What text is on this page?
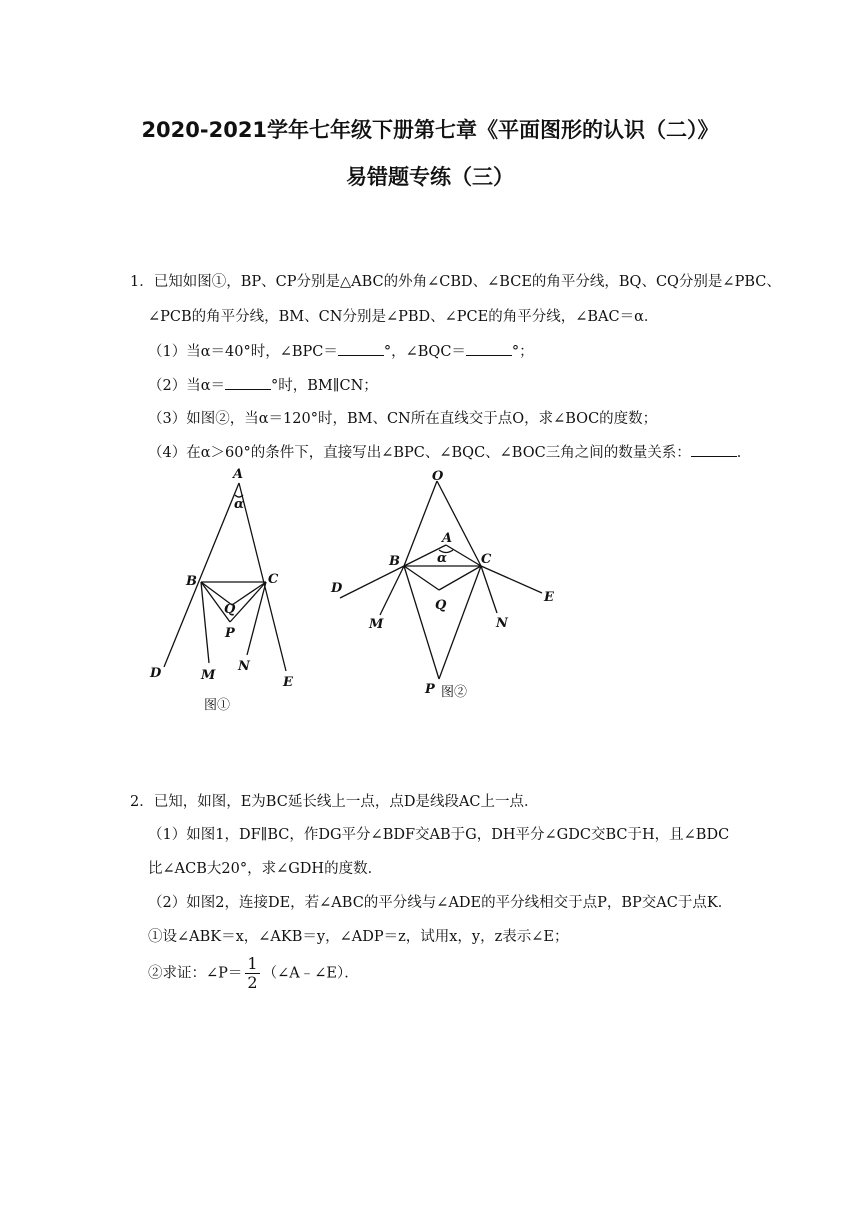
2020-2021学年七年级下册第七章《平面图形的认识（二）》
易错题专练（三）
1．已知如图①，BP、CP分别是△ABC的外角∠CBD、∠BCE的角平分线，BQ、CQ分别是∠PBC、
∠PCB的角平分线，BM、CN分别是∠PBD、∠PCE的角平分线，∠BAC＝α．
（1）当α＝40°时，∠BPC＝	°，∠BQC＝	°；
（2）当α＝	°时，BM∥CN；
（3）如图②，当α＝120°时，BM、CN所在直线交于点O，求∠BOC的度数；
（4）在α＞60°的条件下，直接写出∠BPC、∠BQC、∠BOC三角之间的数量关系：	．
A
α
B	C
Q
P
D	M
N
E
图①
O
A
α
B	C
Q
P
D
M	N
E
图②
2．已知，如图，E为BC延长线上一点，点D是线段AC上一点．
（1）如图1，DF∥BC，作DG平分∠BDF交AB于G，DH平分∠GDC交BC于H，且∠BDC
比∠ACB大20°，求∠GDH的度数．
（2）如图2，连接DE，若∠ABC的平分线与∠ADE的平分线相交于点P，BP交AC于点K．
①设∠ABK＝x，∠AKB＝y，∠ADP＝z，试用x，y，z表示∠E；
②求证：∠P＝ $\frac{1}{2}$ （∠A﹣∠E）．
